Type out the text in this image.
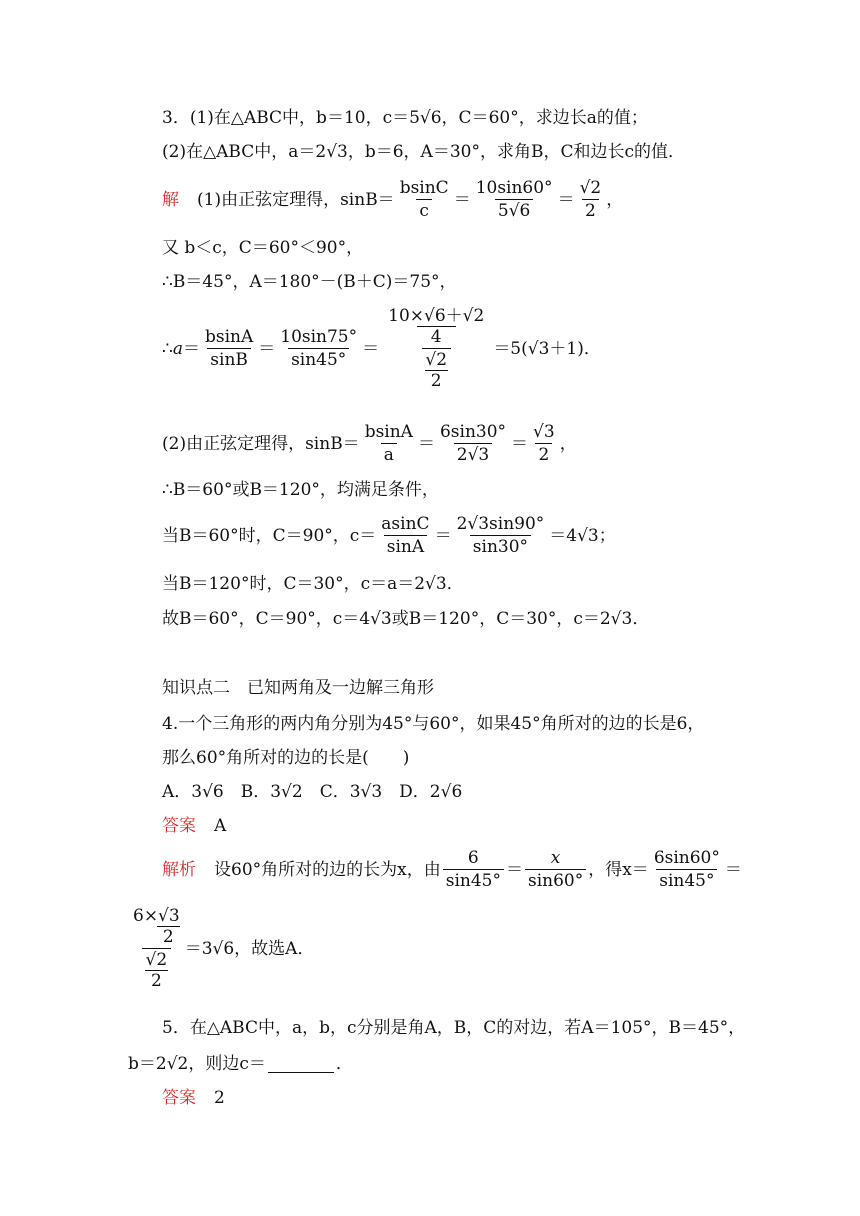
3．(1)在△ABC中，b＝10，c＝5√6，C＝60°，求边长a的值；
(2)在△ABC中，a＝2√3，b＝6，A＝30°，求角B，C和边长c的值．
解 (1)由正弦定理得，$\sin B= \frac{bsinC}{c} = \frac{10\sin 60^\circ}{5√6} = \frac{√2}{2}$ ，
又 b＜c，C＝60°＜90°，
∴B＝45°，A＝180°－(B＋C)＝75°，
∴ $a = \frac{bsinA}{\sin B} = \frac{10\sin 75^\circ}{\sin 45^\circ} = \frac{\frac{10\times√6+√2}{4}}{\frac{√2}{2}} =5(√3+1)$．
(2)由正弦定理得，$\sin B= \frac{bsinA}{a} = \frac{6\sin 30^\circ}{2√3} = \frac{√3}{2}$ ，
∴B＝60°或B＝120°，均满足条件，
当B＝60°时，C＝90°，$c= \frac{asinC}{\sin A} = \frac{2√3\sin 90^\circ}{\sin 30^\circ} =4√3$；
当B＝120°时，C＝30°，c＝a＝2√3．
故B＝60°，C＝90°，c＝4√3或B＝120°，C＝30°，c＝2√3．
知识点二　已知两角及一边解三角形
4.一个三角形的两内角分别为45°与60°，如果45°角所对的边的长是6，
那么60°角所对的边的长是(　　)
A．3√6　B．3√2　C．3√3　D．2√6
答案 A
解析 设60°角所对的边的长为x，由 $\frac{6}{\sin 45^\circ} = \frac{x}{\sin 60^\circ}$ ，得$x= \frac{6\sin 60^\circ}{\sin 45^\circ}$ ＝
$\frac{\frac{6\times√3}{2}}{\frac{√2}{2}} =3√6$，故选A．
5．在△ABC中，a，b，c分别是角A，B，C的对边，若A＝105°，B＝45°，
b＝2√2，则边c＝	．
答案 2
